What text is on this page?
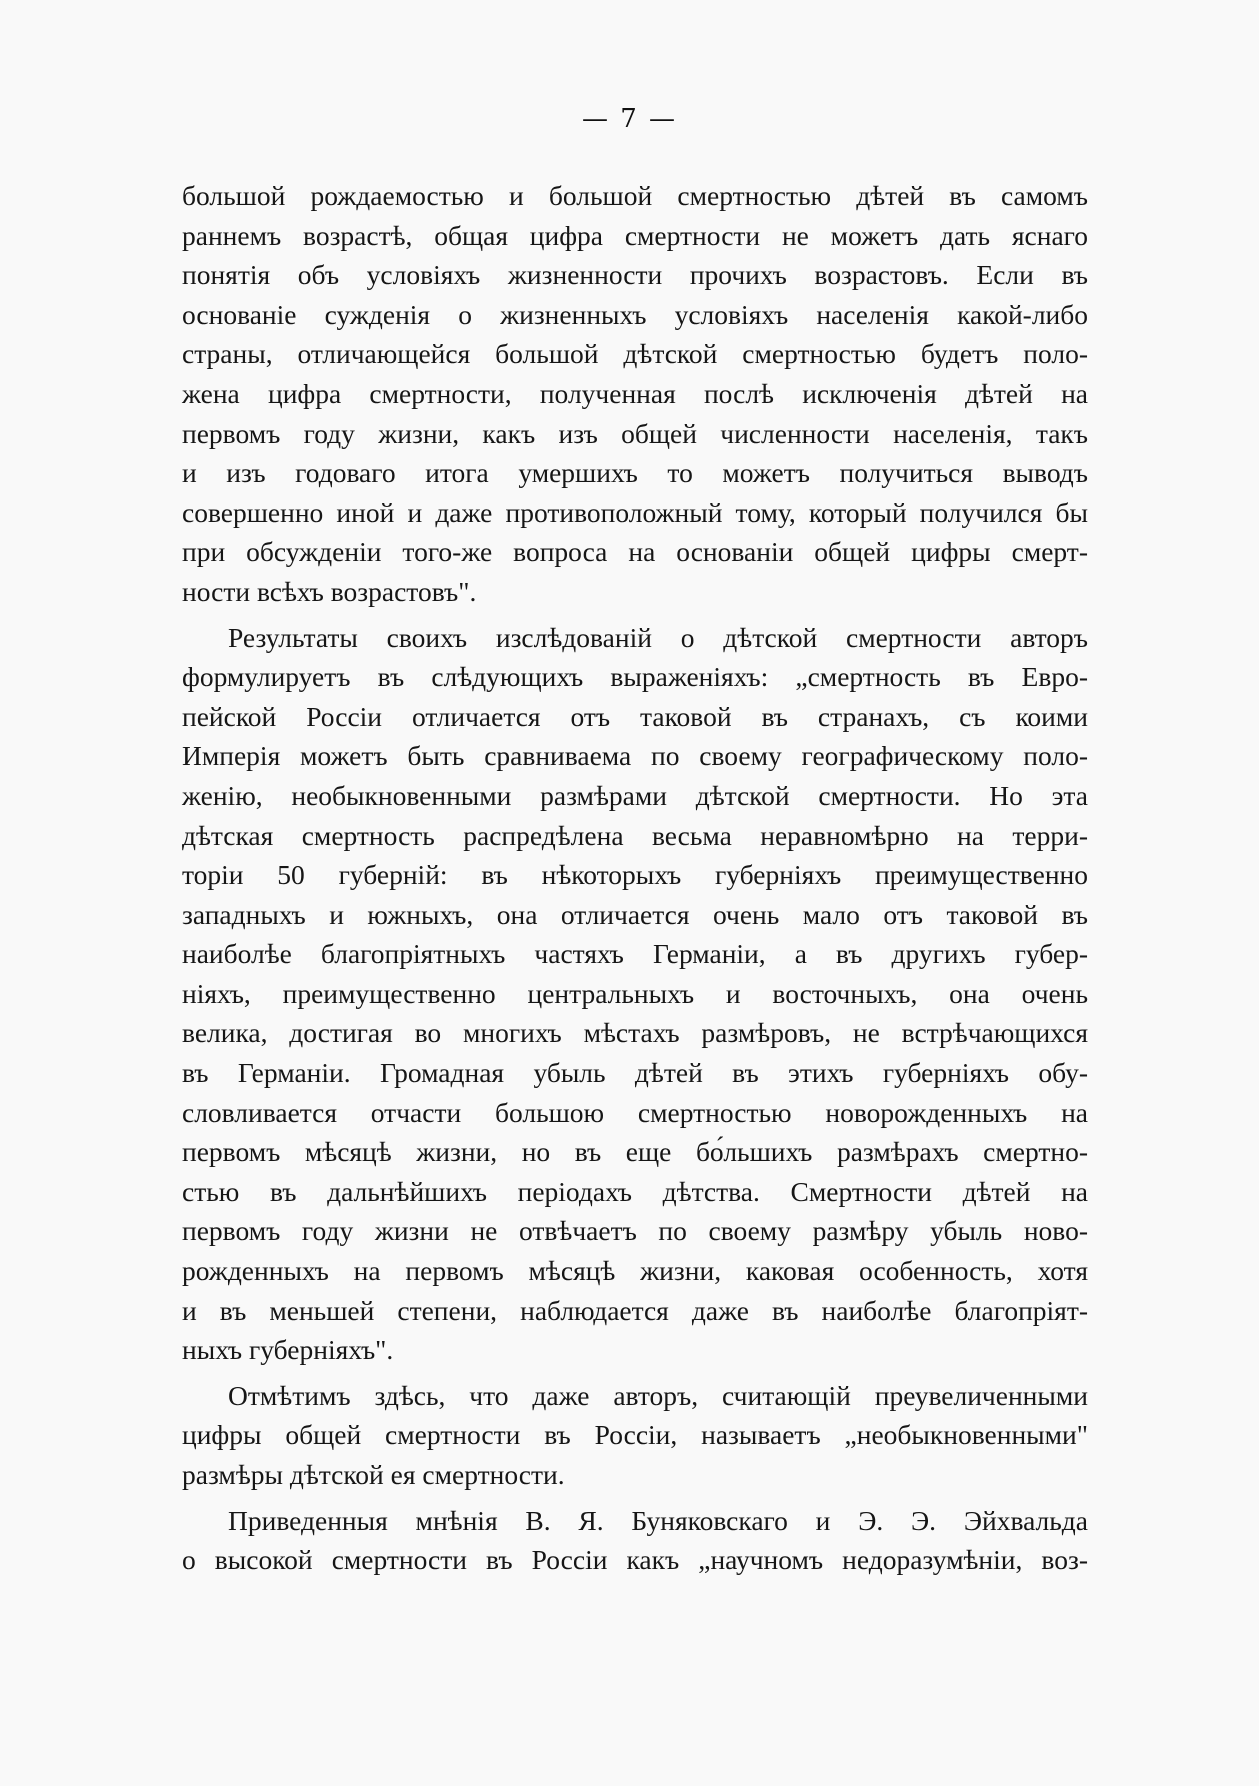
— 7 —
большой рождаемостью и большой смертностью дѣтей въ самомъ
раннемъ возрастѣ, общая цифра смертности не можетъ дать яснаго
понятія объ условіяхъ жизненности прочихъ возрастовъ. Если въ
основаніе сужденія о жизненныхъ условіяхъ населенія какой-либо
страны, отличающейся большой дѣтской смертностью будетъ поло-
жена цифра смертности, полученная послѣ исключенія дѣтей на
первомъ году жизни, какъ изъ общей численности населенія, такъ
и изъ годоваго итога умершихъ то можетъ получиться выводъ
совершенно иной и даже противоположный тому, который получился бы
при обсужденіи того-же вопроса на основаніи общей цифры смерт-
ности всѣхъ возрастовъ".
Результаты своихъ изслѣдованій о дѣтской смертности авторъ
формулируетъ въ слѣдующихъ выраженіяхъ: „смертность въ Евро-
пейской Россіи отличается отъ таковой въ странахъ, съ коими
Имперія можетъ быть сравниваема по своему географическому поло-
женію, необыкновенными размѣрами дѣтской смертности. Но эта
дѣтская смертность распредѣлена весьма неравномѣрно на терри-
торіи 50 губерній: въ нѣкоторыхъ губерніяхъ преимущественно
западныхъ и южныхъ, она отличается очень мало отъ таковой въ
наиболѣе благопріятныхъ частяхъ Германіи, а въ другихъ губер-
ніяхъ, преимущественно центральныхъ и восточныхъ, она очень
велика, достигая во многихъ мѣстахъ размѣровъ, не встрѣчающихся
въ Германіи. Громадная убыль дѣтей въ этихъ губерніяхъ обу-
словливается отчасти большою смертностью новорожденныхъ на
первомъ мѣсяцѣ жизни, но въ еще бо́льшихъ размѣрахъ смертно-
стью въ дальнѣйшихъ періодахъ дѣтства. Смертности дѣтей на
первомъ году жизни не отвѣчаетъ по своему размѣру убыль ново-
рожденныхъ на первомъ мѣсяцѣ жизни, каковая особенность, хотя
и въ меньшей степени, наблюдается даже въ наиболѣе благопріят-
ныхъ губерніяхъ".
Отмѣтимъ здѣсь, что даже авторъ, считающій преувеличенными
цифры общей смертности въ Россіи, называетъ „необыкновенными"
размѣры дѣтской ея смертности.
Приведенныя мнѣнія В. Я. Буняковскаго и Э. Э. Эйхвальда
о высокой смертности въ Россіи какъ „научномъ недоразумѣніи, воз-
